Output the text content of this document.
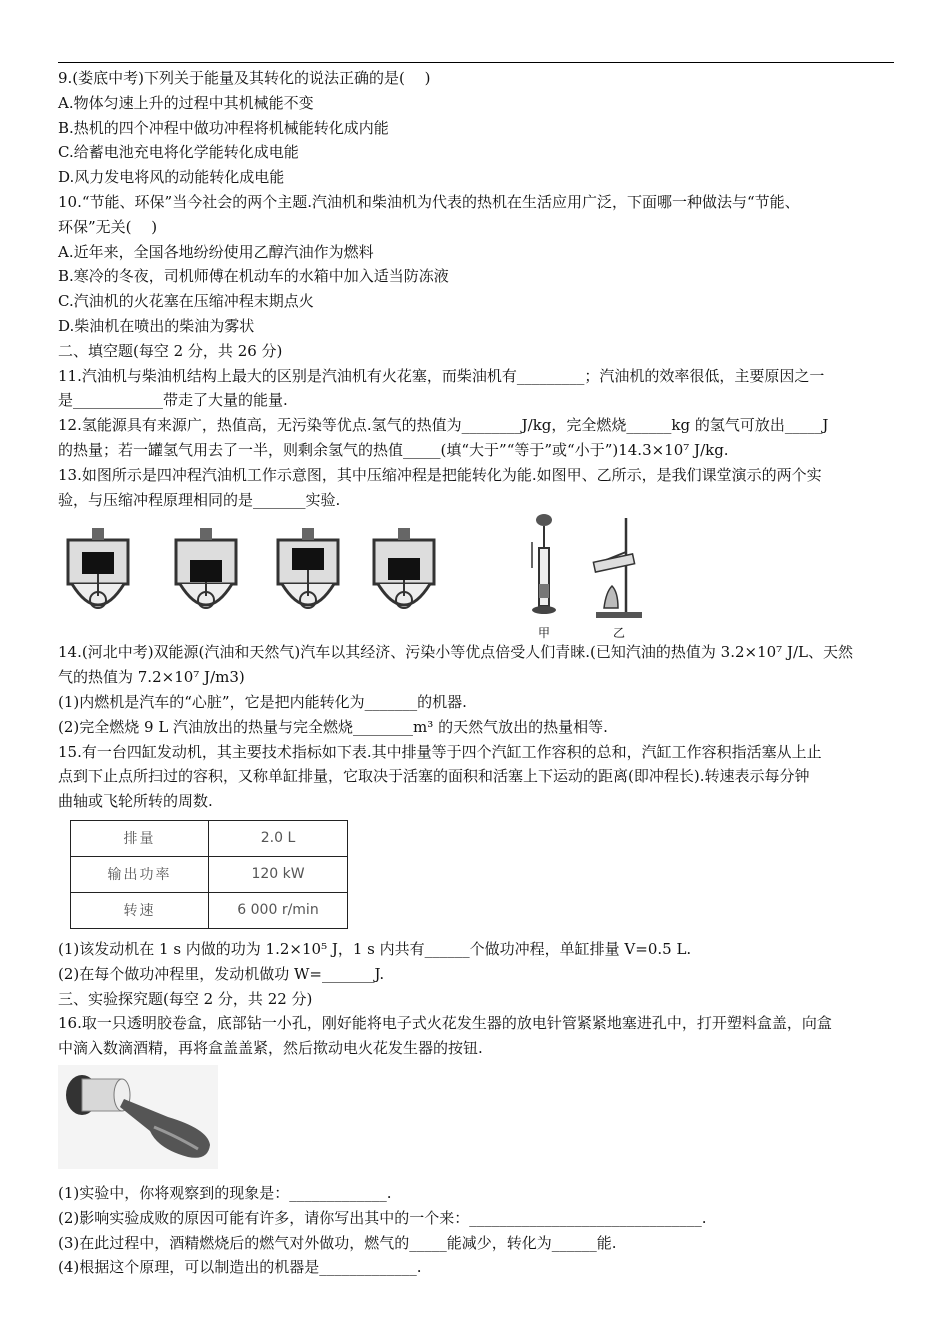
9.(娄底中考)下列关于能量及其转化的说法正确的是(　 )
A.物体匀速上升的过程中其机械能不变
B.热机的四个冲程中做功冲程将机械能转化成内能
C.给蓄电池充电将化学能转化成电能
D.风力发电将风的动能转化成电能
10.“节能、环保”当今社会的两个主题.汽油机和柴油机为代表的热机在生活应用广泛，下面哪一种做法与“节能、
环保”无关(　 )
A.近年来，全国各地纷纷使用乙醇汽油作为燃料
B.寒冷的冬夜，司机师傅在机动车的水箱中加入适当防冻液
C.汽油机的火花塞在压缩冲程末期点火
D.柴油机在喷出的柴油为雾状
二、填空题(每空 2 分，共 26 分)
11.汽油机与柴油机结构上最大的区别是汽油机有火花塞，而柴油机有_________；汽油机的效率很低，主要原因之一
是____________带走了大量的能量.
12.氢能源具有来源广，热值高，无污染等优点.氢气的热值为________J/kg，完全燃烧______kg 的氢气可放出_____J
的热量；若一罐氢气用去了一半，则剩余氢气的热值_____(填“大于”“等于”或“小于”)14.3×10⁷ J/kg.
13.如图所示是四冲程汽油机工作示意图，其中压缩冲程是把能转化为能.如图甲、乙所示，是我们课堂演示的两个实
验，与压缩冲程原理相同的是_______实验.
甲	乙
14.(河北中考)双能源(汽油和天然气)汽车以其经济、污染小等优点倍受人们青睐.(已知汽油的热值为 3.2×10⁷ J/L、天然
气的热值为 7.2×10⁷ J/m3)
(1)内燃机是汽车的“心脏”，它是把内能转化为_______的机器.
(2)完全燃烧 9 L 汽油放出的热量与完全燃烧________m³ 的天然气放出的热量相等.
15.有一台四缸发动机，其主要技术指标如下表.其中排量等于四个汽缸工作容积的总和，汽缸工作容积指活塞从上止
点到下止点所扫过的容积，又称单缸排量，它取决于活塞的面积和活塞上下运动的距离(即冲程长).转速表示每分钟
曲轴或飞轮所转的周数.
排量	2.0 L
输出功率	120 kW
转速	6 000 r/min
(1)该发动机在 1 s 内做的功为 1.2×10⁵ J，1 s 内共有______个做功冲程，单缸排量 V=0.5 L.
(2)在每个做功冲程里，发动机做功 W=_______J.
三、实验探究题(每空 2 分，共 22 分)
16.取一只透明胶卷盒，底部钻一小孔，刚好能将电子式火花发生器的放电针管紧紧地塞进孔中，打开塑料盒盖，向盒
中滴入数滴酒精，再将盒盖盖紧，然后揿动电火花发生器的按钮.
(1)实验中，你将观察到的现象是：_____________.
(2)影响实验成败的原因可能有许多，请你写出其中的一个来：_______________________________.
(3)在此过程中，酒精燃烧后的燃气对外做功，燃气的_____能减少，转化为______能.
(4)根据这个原理，可以制造出的机器是_____________.
